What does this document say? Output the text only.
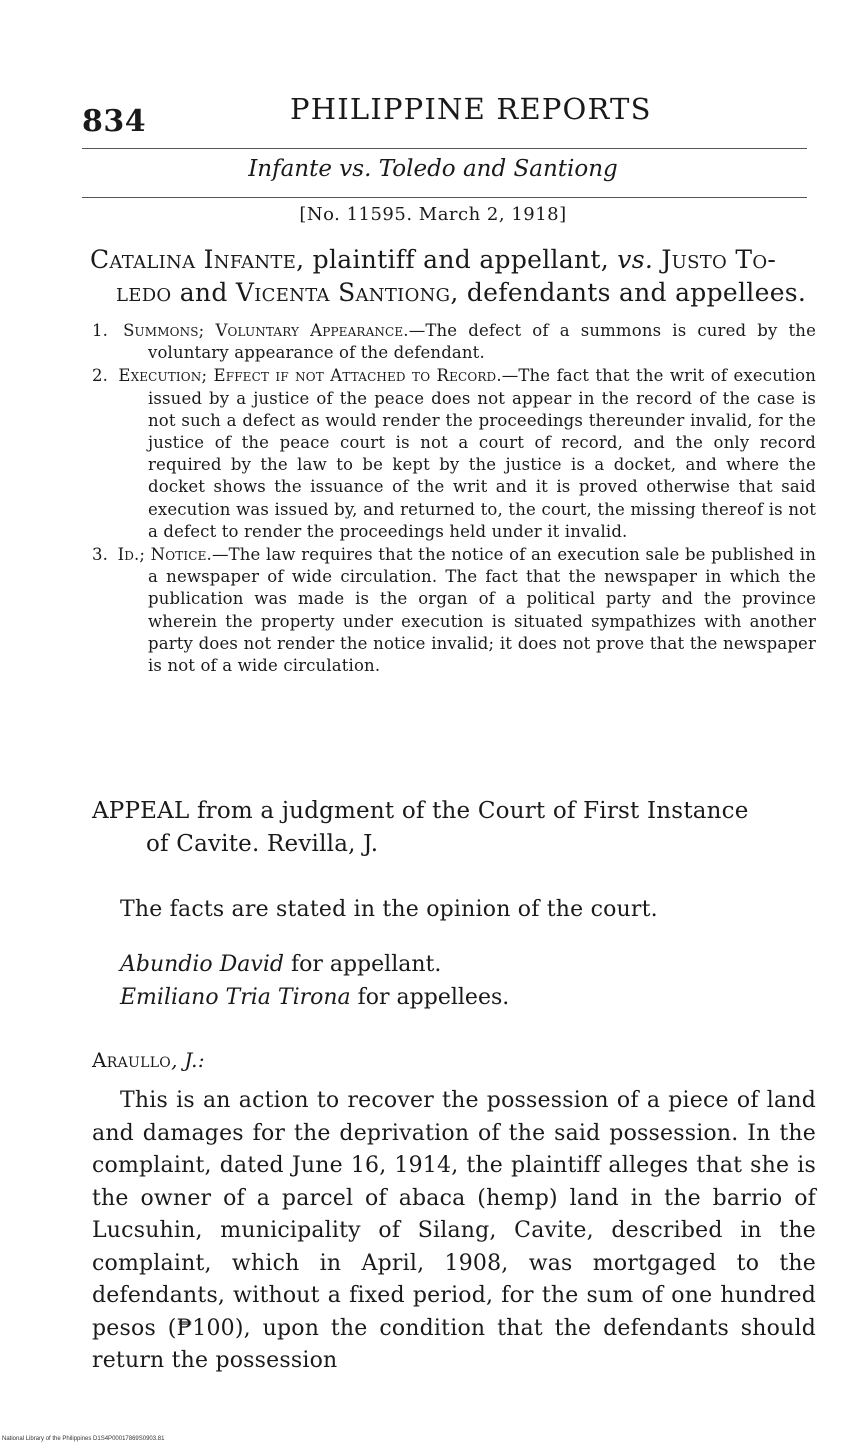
834	PHILIPPINE REPORTS
Infante vs. Toledo and Santiong
[No. 11595. March 2, 1918]
Catalina Infante, plaintiff and appellant, vs. Justo To-
ledo and Vicenta Santiong, defendants and appellees.

1. Summons; Voluntary Appearance.—The defect of a summons is cured by the voluntary appearance of the defendant.

2. Execution; Effect if not Attached to Record.—The fact that the writ of execution issued by a justice of the peace does not appear in the record of the case is not such a defect as would render the proceedings thereunder invalid, for the justice of the peace court is not a court of record, and the only record required by the law to be kept by the justice is a docket, and where the docket shows the issuance of the writ and it is proved otherwise that said execution was issued by, and returned to, the court, the missing thereof is not a defect to render the proceedings held under it invalid.

3. Id.; Notice.—The law requires that the notice of an execution sale be published in a newspaper of wide circulation. The fact that the newspaper in which the publication was made is the organ of a political party and the province wherein the property under execution is situated sympathizes with another party does not render the notice invalid; it does not prove that the newspaper is not of a wide circulation.

APPEAL from a judgment of the Court of First Instance
of Cavite. Revilla, J.
The facts are stated in the opinion of the court.
Abundio David for appellant.
Emiliano Tria Tirona for appellees.
Araullo, J.:
This is an action to recover the possession of a piece of land and damages for the deprivation of the said possession. In the complaint, dated June 16, 1914, the plaintiff alleges that she is the owner of a parcel of abaca (hemp) land in the barrio of Lucsuhin, municipality of Silang, Cavite, described in the complaint, which in April, 1908, was mortgaged to the defendants, without a fixed period, for the sum of one hundred pesos (₱100), upon the condition that the defendants should return the possession
National Library of the Philippines D1S4P00017869S0903.81
